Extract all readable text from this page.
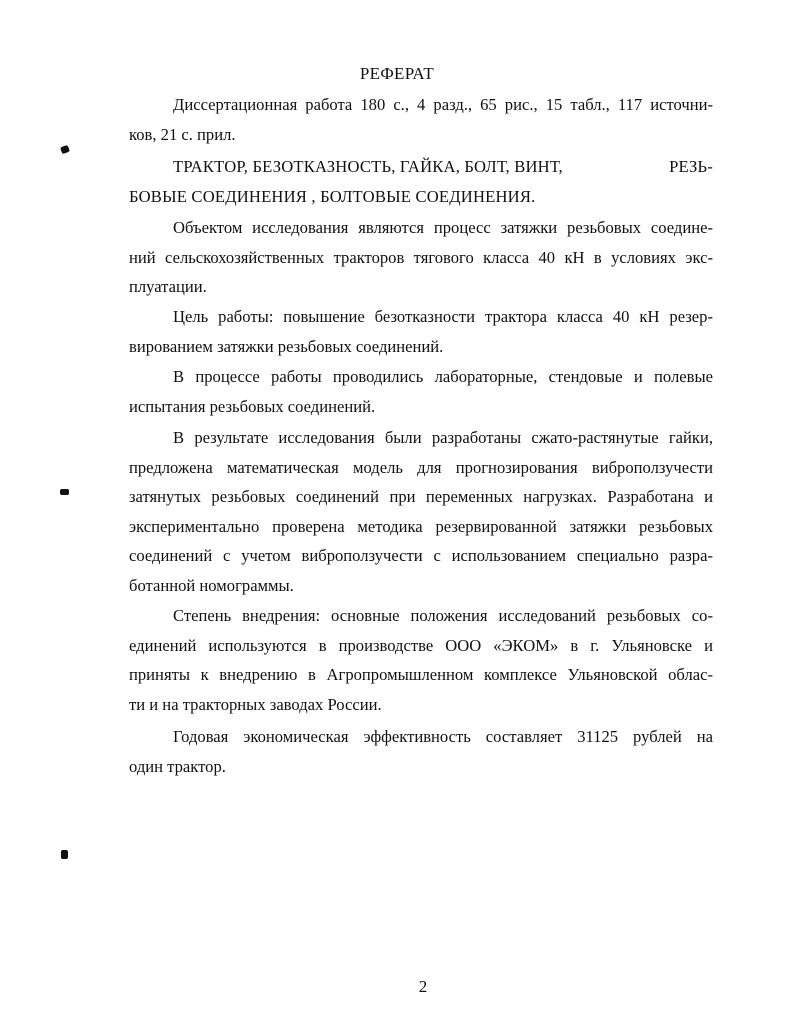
РЕФЕРАТ
Диссертационная работа 180 с., 4 разд., 65 рис., 15 табл., 117 источни-
ков, 21 с. прил.
ТРАКТОР, БЕЗОТКАЗНОСТЬ, ГАЙКА, БОЛТ, ВИНТ,	РЕЗЬ-
БОВЫЕ СОЕДИНЕНИЯ , БОЛТОВЫЕ СОЕДИНЕНИЯ.
Объектом исследования являются процесс затяжки резьбовых соедине-
ний сельскохозяйственных тракторов тягового класса 40 кН в условиях экс-
плуатации.
Цель работы: повышение безотказности трактора класса 40 кН резер-
вированием затяжки резьбовых соединений.
В процессе работы проводились лабораторные, стендовые и полевые
испытания резьбовых соединений.
В результате исследования были разработаны сжато-растянутые гайки,
предложена математическая модель для прогнозирования виброползучести
затянутых резьбовых соединений при переменных нагрузках. Разработана и
экспериментально проверена методика резервированной затяжки резьбовых
соединений с учетом виброползучести с использованием специально разра-
ботанной номограммы.
Степень внедрения: основные положения исследований резьбовых со-
единений используются в производстве ООО «ЭКОМ» в г. Ульяновске и
приняты к внедрению в Агропромышленном комплексе Ульяновской облас-
ти и на тракторных заводах России.
Годовая экономическая эффективность составляет 31125 рублей на
один трактор.
2
